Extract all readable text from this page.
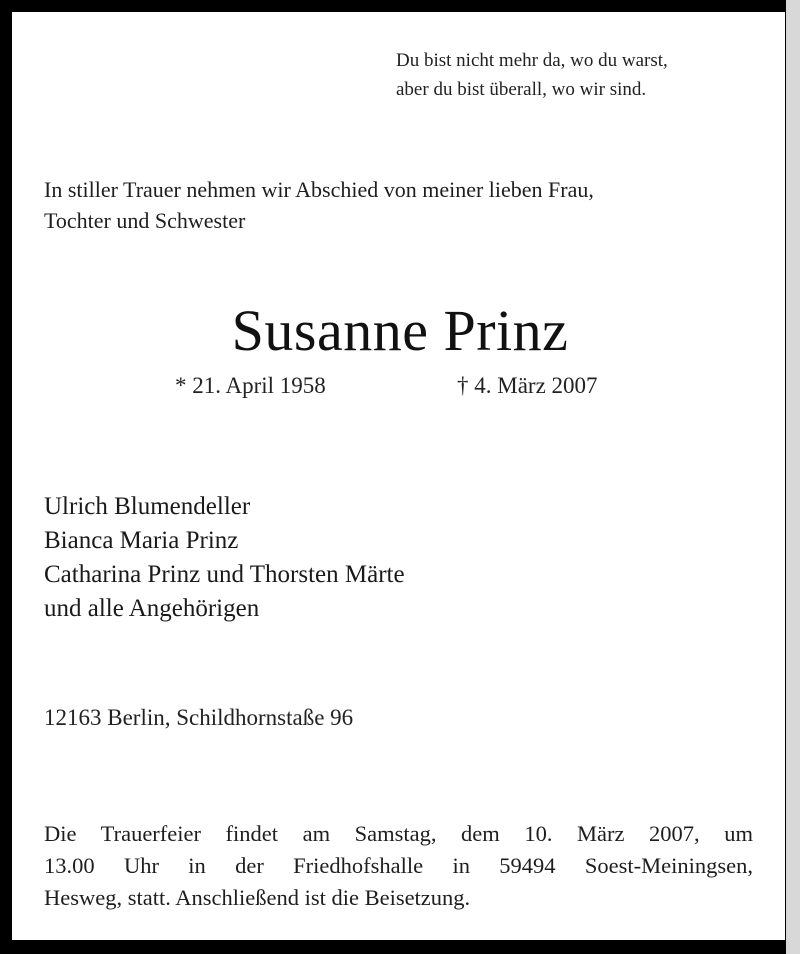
Du bist nicht mehr da, wo du warst,
aber du bist überall, wo wir sind.
In stiller Trauer nehmen wir Abschied von meiner lieben Frau,
Tochter und Schwester
Susanne Prinz
* 21. April 1958	† 4. März 2007
Ulrich Blumendeller
Bianca Maria Prinz
Catharina Prinz und Thorsten Märte
und alle Angehörigen
12163 Berlin, Schildhornstaße 96
Die Trauerfeier findet am Samstag, dem 10. März 2007, um
13.00 Uhr in der Friedhofshalle in 59494 Soest-Meiningsen,
Hesweg, statt. Anschließend ist die Beisetzung.
